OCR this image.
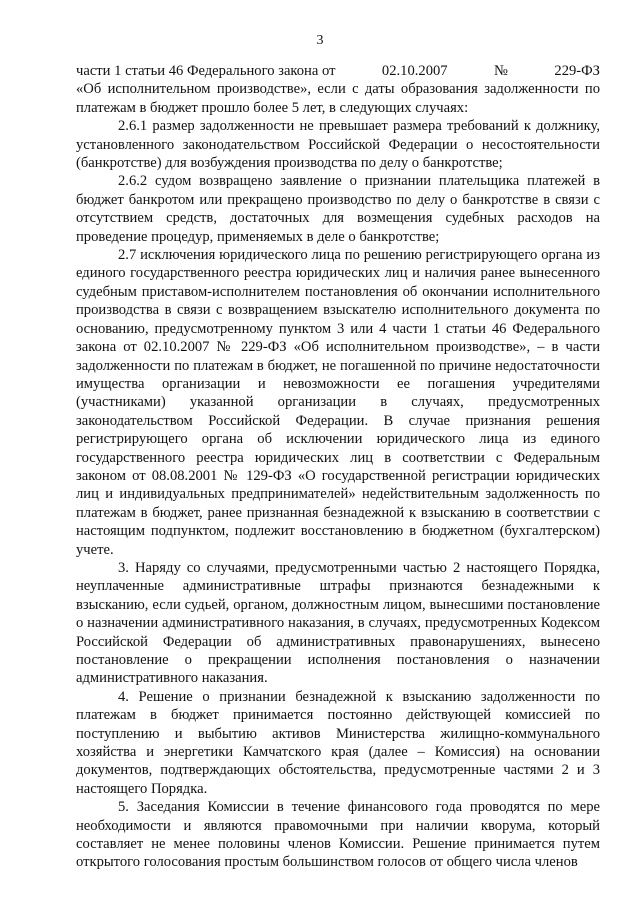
3
части 1 статьи 46 Федерального закона от	02.10.2007	№	229-ФЗ

«Об исполнительном производстве», если с даты образования задолженности по платежам в бюджет прошло более 5 лет, в следующих случаях:

2.6.1 размер задолженности не превышает размера требований к должнику, установленного законодательством Российской Федерации о несостоятельности (банкротстве) для возбуждения производства по делу о банкротстве;

2.6.2 судом возвращено заявление о признании плательщика платежей в бюджет банкротом или прекращено производство по делу о банкротстве в связи с отсутствием средств, достаточных для возмещения судебных расходов на проведение процедур, применяемых в деле о банкротстве;

2.7 исключения юридического лица по решению регистрирующего органа из единого государственного реестра юридических лиц и наличия ранее вынесенного судебным приставом-исполнителем постановления об окончании исполнительного производства в связи с возвращением взыскателю исполнительного документа по основанию, предусмотренному пунктом 3 или 4 части 1 статьи 46 Федерального закона от 02.10.2007 № 229-ФЗ «Об исполнительном производстве», – в части задолженности по платежам в бюджет, не погашенной по причине недостаточности имущества организации и невозможности ее погашения учредителями (участниками) указанной организации в случаях, предусмотренных законодательством Российской Федерации. В случае признания решения регистрирующего органа об исключении юридического лица из единого государственного реестра юридических лиц в соответствии с Федеральным законом от 08.08.2001 № 129-ФЗ «О государственной регистрации юридических лиц и индивидуальных предпринимателей» недействительным задолженность по платежам в бюджет, ранее признанная безнадежной к взысканию в соответствии с настоящим подпунктом, подлежит восстановлению в бюджетном (бухгалтерском) учете.

3. Наряду со случаями, предусмотренными частью 2 настоящего Порядка, неуплаченные административные штрафы признаются безнадежными к взысканию, если судьей, органом, должностным лицом, вынесшими постановление о назначении административного наказания, в случаях, предусмотренных Кодексом Российской Федерации об административных правонарушениях, вынесено постановление о прекращении исполнения постановления о назначении административного наказания.

4. Решение о признании безнадежной к взысканию задолженности по платежам в бюджет принимается постоянно действующей комиссией по поступлению и выбытию активов Министерства жилищно-коммунального хозяйства и энергетики Камчатского края (далее – Комиссия) на основании документов, подтверждающих обстоятельства, предусмотренные частями 2 и 3 настоящего Порядка.

5. Заседания Комиссии в течение финансового года проводятся по мере необходимости и являются правомочными при наличии кворума, который составляет не менее половины членов Комиссии. Решение принимается путем открытого голосования простым большинством голосов от общего числа членов
